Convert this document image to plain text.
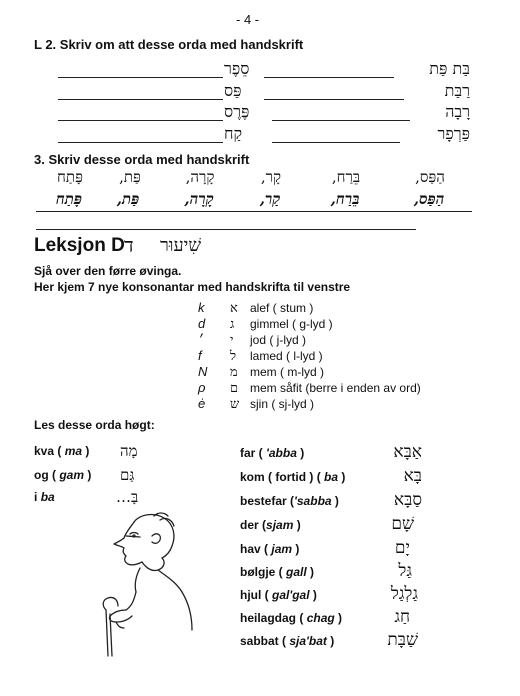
- 4 -
L 2. Skriv om att desse orda med handskrift
סֵפֶר	בַּת פַּת
פַּס	רַבַּת
פֶּרֶס	רָבָה
קַח	פַּרְפָר
3. Skriv desse orda med handskrift
פָּתַח	פַּת,	קָרָה,	קָר,	בֵּרַח,	הַפַּס,
פָּתַח	פַּת,	קָרָה,	קַר,	בֵּרַח,	הַפַּס,
Leksjon D ד שִׁיעוּר
Sjå over den førre øvinga.
Her kjem 7 nye konsonantar med handskrifta til venstre
k א alef ( stum )
d ג gimmel ( g-lyd )
׳ י jod ( j-lyd )
f ל lamed ( l-lyd )
N מ mem ( m-lyd )
ρ ם mem såfit (berre i enden av ord)
ė ש sjin ( sj-lyd )
Les desse orda høgt:
kva ( ma ) מָה
og ( gam ) גַּם
i ba	בָּ…
far ( 'abba )	אַבָּא
kom ( fortid ) ( ba )	בָּא
bestefar ('sabba )	סַבָּא
der (sjam )	שָׁם
hav ( jam )	יָם
bølgje ( gall )	גַּל
hjul ( gal'gal )	גַלְגַל
heilagdag ( chag )	חַג
sabbat ( sja'bat )	שַׁבָּת
